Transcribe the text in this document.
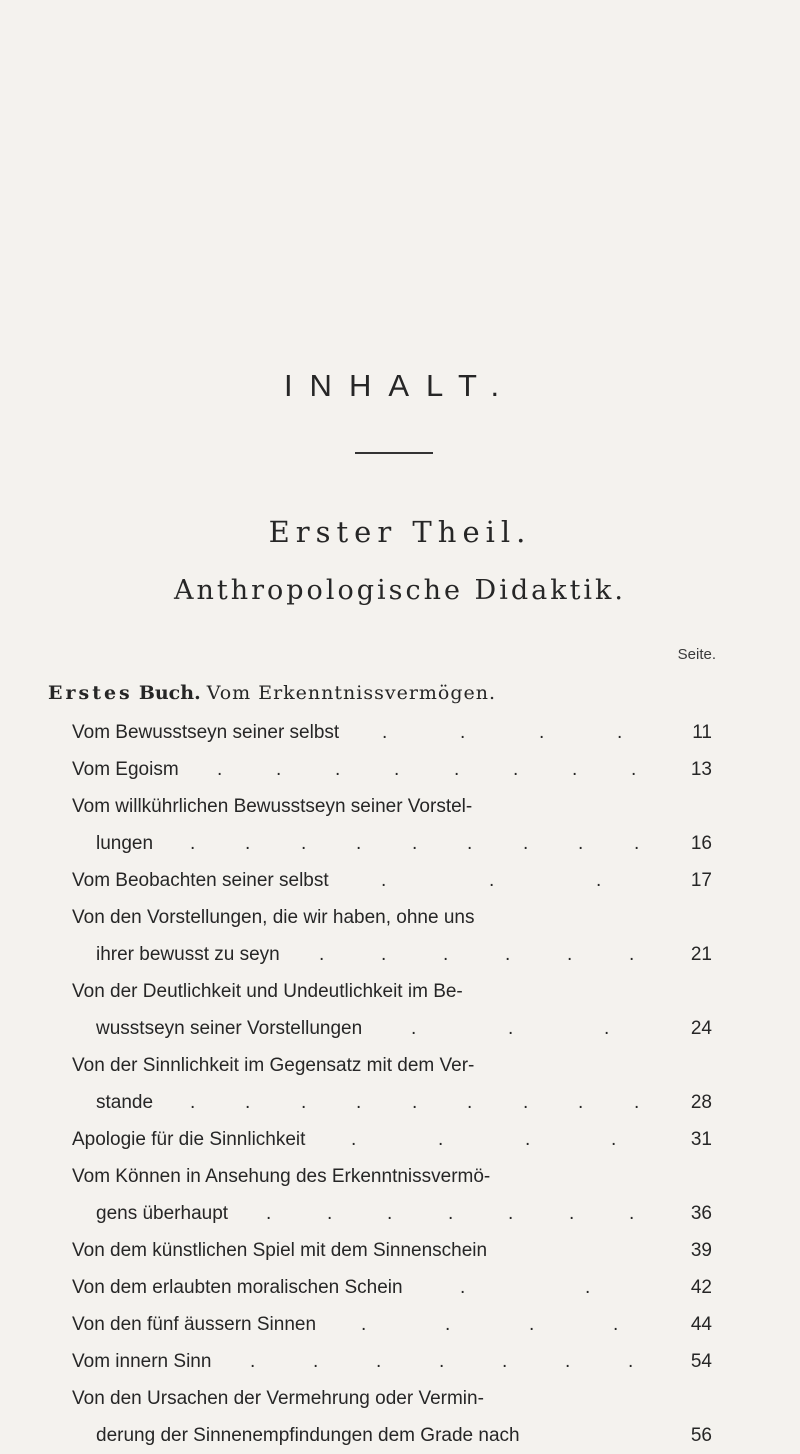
INHALT.
Erster Theil.
Anthropologische Didaktik.
Seite.
Erstes Buch. Vom Erkenntnissvermögen.
Vom Bewusstseyn seiner selbst .	.	.	.	11
Vom Egoism .	.	.	.	.	.	.	.	13
Vom willkührlichen Bewusstseyn seiner Vorstel-
lungen .	.	.	.	.	.	.	.	.	16
Vom Beobachten seiner selbst	.	.	.	17
Von den Vorstellungen, die wir haben, ohne uns
ihrer bewusst zu seyn .	.	.	.	.	.	21
Von der Deutlichkeit und Undeutlichkeit im Be-
wusstseyn seiner Vorstellungen	.	.	.	24
Von der Sinnlichkeit im Gegensatz mit dem Ver-
stande .	.	.	.	.	.	.	.	.	28
Apologie für die Sinnlichkeit .	.	.	.	31
Vom Können in Ansehung des Erkenntnissvermö-
gens überhaupt .	.	.	.	.	.	.	36
Von dem künstlichen Spiel mit dem Sinnenschein	39
Von dem erlaubten moralischen Schein	.	.	42
Von den fünf äussern Sinnen .	.	.	.	44
Vom innern Sinn .	.	.	.	.	.	.	54
Von den Ursachen der Vermehrung oder Vermin-
derung der Sinnenempfindungen dem Grade nach	56
